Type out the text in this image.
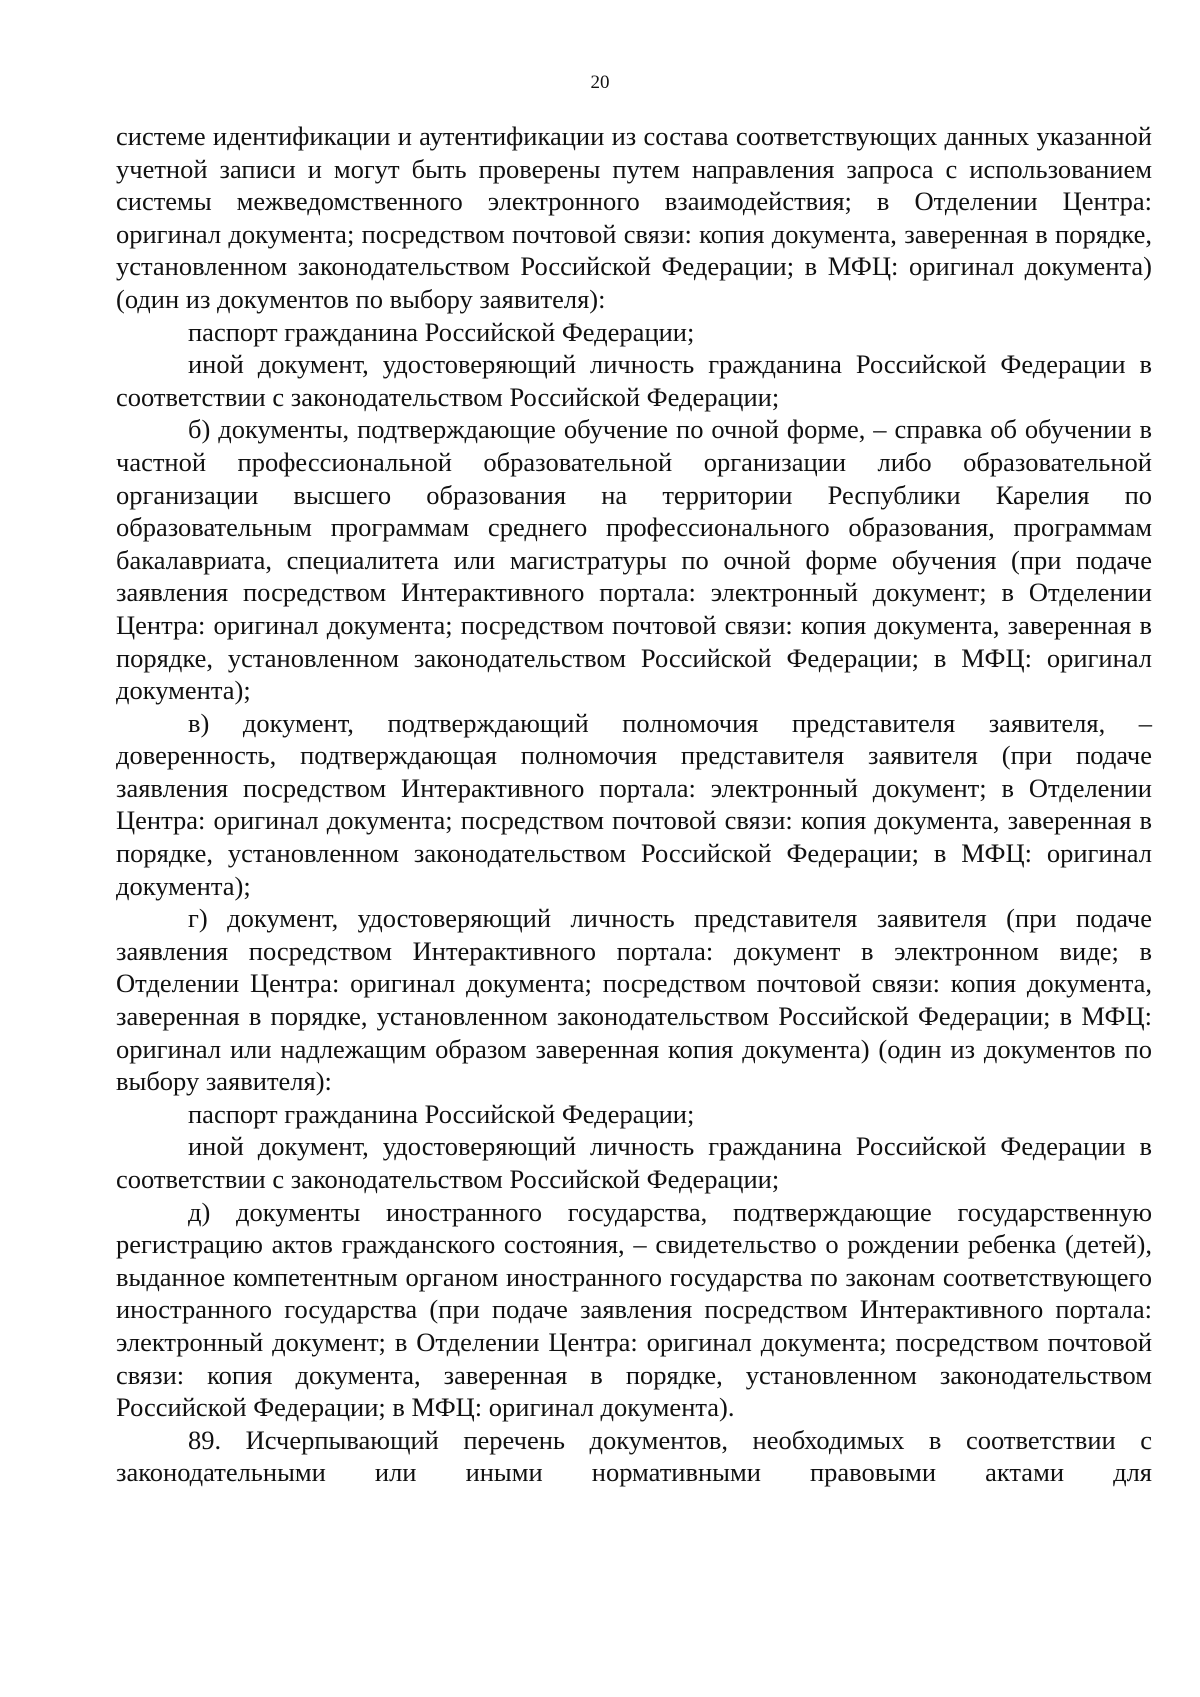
20

системе идентификации и аутентификации из состава соответствующих данных указанной учетной записи и могут быть проверены путем направления запроса с использованием системы межведомственного электронного взаимодействия; в Отделении Центра: оригинал документа; посредством почтовой связи: копия документа, заверенная в порядке, установленном законодательством Российской Федерации; в МФЦ: оригинал документа) (один из документов по выбору заявителя):

паспорт гражданина Российской Федерации;

иной документ, удостоверяющий личность гражданина Российской Федерации в соответствии с законодательством Российской Федерации;

б) документы, подтверждающие обучение по очной форме, – справка об обучении в частной профессиональной образовательной организации либо образовательной организации высшего образования на территории Республики Карелия по образовательным программам среднего профессионального образования, программам бакалавриата, специалитета или магистратуры по очной форме обучения (при подаче заявления посредством Интерактивного портала: электронный документ; в Отделении Центра: оригинал документа; посредством почтовой связи: копия документа, заверенная в порядке, установленном законодательством Российской Федерации; в МФЦ: оригинал документа);

в) документ, подтверждающий полномочия представителя заявителя, – доверенность, подтверждающая полномочия представителя заявителя (при подаче заявления посредством Интерактивного портала: электронный документ; в Отделении Центра: оригинал документа; посредством почтовой связи: копия документа, заверенная в порядке, установленном законодательством Российской Федерации; в МФЦ: оригинал документа);

г) документ, удостоверяющий личность представителя заявителя (при подаче заявления посредством Интерактивного портала: документ в электронном виде; в Отделении Центра: оригинал документа; посредством почтовой связи: копия документа, заверенная в порядке, установленном законодательством Российской Федерации; в МФЦ: оригинал или надлежащим образом заверенная копия документа) (один из документов по выбору заявителя):

паспорт гражданина Российской Федерации;

иной документ, удостоверяющий личность гражданина Российской Федерации в соответствии с законодательством Российской Федерации;

д) документы иностранного государства, подтверждающие государственную регистрацию актов гражданского состояния, – свидетельство о рождении ребенка (детей), выданное компетентным органом иностранного государства по законам соответствующего иностранного государства (при подаче заявления посредством Интерактивного портала: электронный документ; в Отделении Центра: оригинал документа; посредством почтовой связи: копия документа, заверенная в порядке, установленном законодательством Российской Федерации; в МФЦ: оригинал документа).

89. Исчерпывающий перечень документов, необходимых в соответствии с законодательными или иными нормативными правовыми актами для
